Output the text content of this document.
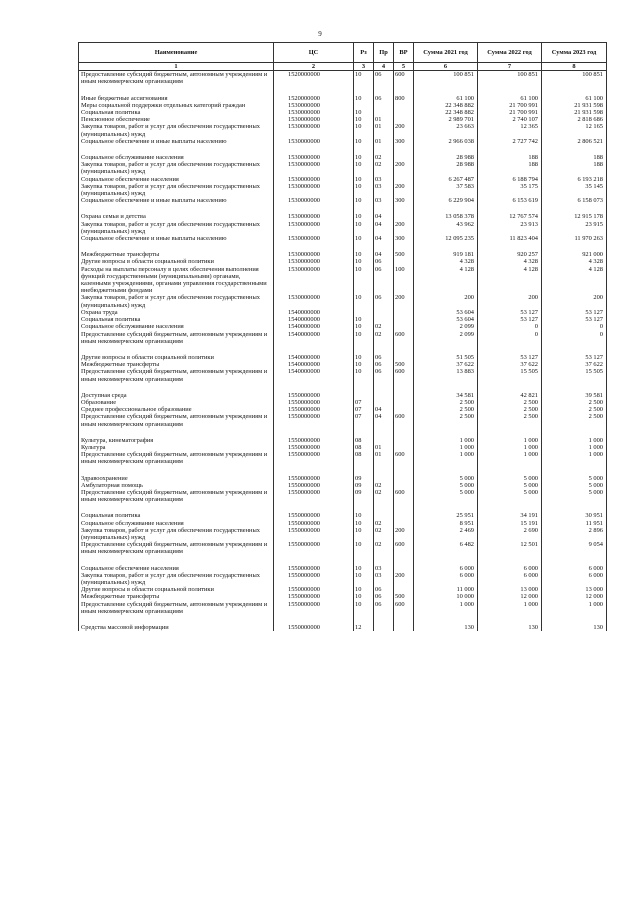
9
Наименование	ЦС	Рз	Пр	ВР	Сумма 2021 год	Сумма 2022 год	Сумма 2023 год
1	2	3	4	5	6	7	8
Предоставление субсидий бюджетным, автономным учреждениям и иным некоммерческим организациям	1520000000	10	06	600	100 851	100 851	100 851

Иные бюджетные ассигнования	1520000000	10	06	800	61 100	61 100	61 100
Меры социальной поддержки отдельных категорий граждан	1530000000				22 348 882	21 700 991	21 931 598
Социальная политика	1530000000	10			22 348 882	21 700 991	21 931 598
Пенсионное обеспечение	1530000000	10	01		2 989 701	2 740 107	2 818 686
Закупка товаров, работ и услуг для обеспечения государственных (муниципальных) нужд	1530000000	10	01	200	23 663	12 365	12 165
Социальное обеспечение и иные выплаты населению	1530000000	10	01	300	2 966 038	2 727 742	2 806 521

Социальное обслуживание населения	1530000000	10	02		28 988	188	188
Закупка товаров, работ и услуг для обеспечения государственных (муниципальных) нужд	1530000000	10	02	200	28 988	188	188
Социальное обеспечение населения	1530000000	10	03		6 267 487	6 188 794	6 193 218
Закупка товаров, работ и услуг для обеспечения государственных (муниципальных) нужд	1530000000	10	03	200	37 583	35 175	35 145
Социальное обеспечение и иные выплаты населению	1530000000	10	03	300	6 229 904	6 153 619	6 158 073

Охрана семьи и детства	1530000000	10	04		13 058 378	12 767 574	12 915 178
Закупка товаров, работ и услуг для обеспечения государственных (муниципальных) нужд	1530000000	10	04	200	43 962	23 913	23 915
Социальное обеспечение и иные выплаты населению	1530000000	10	04	300	12 095 235	11 823 404	11 970 263

Межбюджетные трансферты	1530000000	10	04	500	919 181	920 257	921 000
Другие вопросы в области социальной политики	1530000000	10	06		4 328	4 328	4 328
Расходы на выплаты персоналу в целях обеспечения выполнения функций государственными (муниципальными) органами, казенными учреждениями, органами управления государственными внебюджетными фондами	1530000000	10	06	100	4 128	4 128	4 128
Закупка товаров, работ и услуг для обеспечения государственных (муниципальных) нужд	1530000000	10	06	200	200	200	200
Охрана труда	1540000000				53 604	53 127	53 127
Социальная политика	1540000000	10			53 604	53 127	53 127
Социальное обслуживание населения	1540000000	10	02		2 099	0	0
Предоставление субсидий бюджетным, автономным учреждениям и иным некоммерческим организациям	1540000000	10	02	600	2 099	0	0

Другие вопросы в области социальной политики	1540000000	10	06		51 505	53 127	53 127
Межбюджетные трансферты	1540000000	10	06	500	37 622	37 622	37 622
Предоставление субсидий бюджетным, автономным учреждениям и иным некоммерческим организациям	1540000000	10	06	600	13 883	15 505	15 505

Доступная среда	1550000000				34 581	42 821	39 581
Образование	1550000000	07			2 500	2 500	2 500
Среднее профессиональное образование	1550000000	07	04		2 500	2 500	2 500
Предоставление субсидий бюджетным, автономным учреждениям и иным некоммерческим организациям	1550000000	07	04	600	2 500	2 500	2 500

Культура, кинематография	1550000000	08			1 000	1 000	1 000
Культура	1550000000	08	01		1 000	1 000	1 000
Предоставление субсидий бюджетным, автономным учреждениям и иным некоммерческим организациям	1550000000	08	01	600	1 000	1 000	1 000

Здравоохранение	1550000000	09			5 000	5 000	5 000
Амбулаторная помощь	1550000000	09	02		5 000	5 000	5 000
Предоставление субсидий бюджетным, автономным учреждениям и иным некоммерческим организациям	1550000000	09	02	600	5 000	5 000	5 000

Социальная политика	1550000000	10			25 951	34 191	30 951
Социальное обслуживание населения	1550000000	10	02		8 951	15 191	11 951
Закупка товаров, работ и услуг для обеспечения государственных (муниципальных) нужд	1550000000	10	02	200	2 469	2 690	2 896
Предоставление субсидий бюджетным, автономным учреждениям и иным некоммерческим организациям	1550000000	10	02	600	6 482	12 501	9 054

Социальное обеспечение населения	1550000000	10	03		6 000	6 000	6 000
Закупка товаров, работ и услуг для обеспечения государственных (муниципальных) нужд	1550000000	10	03	200	6 000	6 000	6 000
Другие вопросы в области социальной политики	1550000000	10	06		11 000	13 000	13 000
Межбюджетные трансферты	1550000000	10	06	500	10 000	12 000	12 000
Предоставление субсидий бюджетным, автономным учреждениям и иным некоммерческим организациям	1550000000	10	06	600	1 000	1 000	1 000

Средства массовой информации	1550000000	12			130	130	130
